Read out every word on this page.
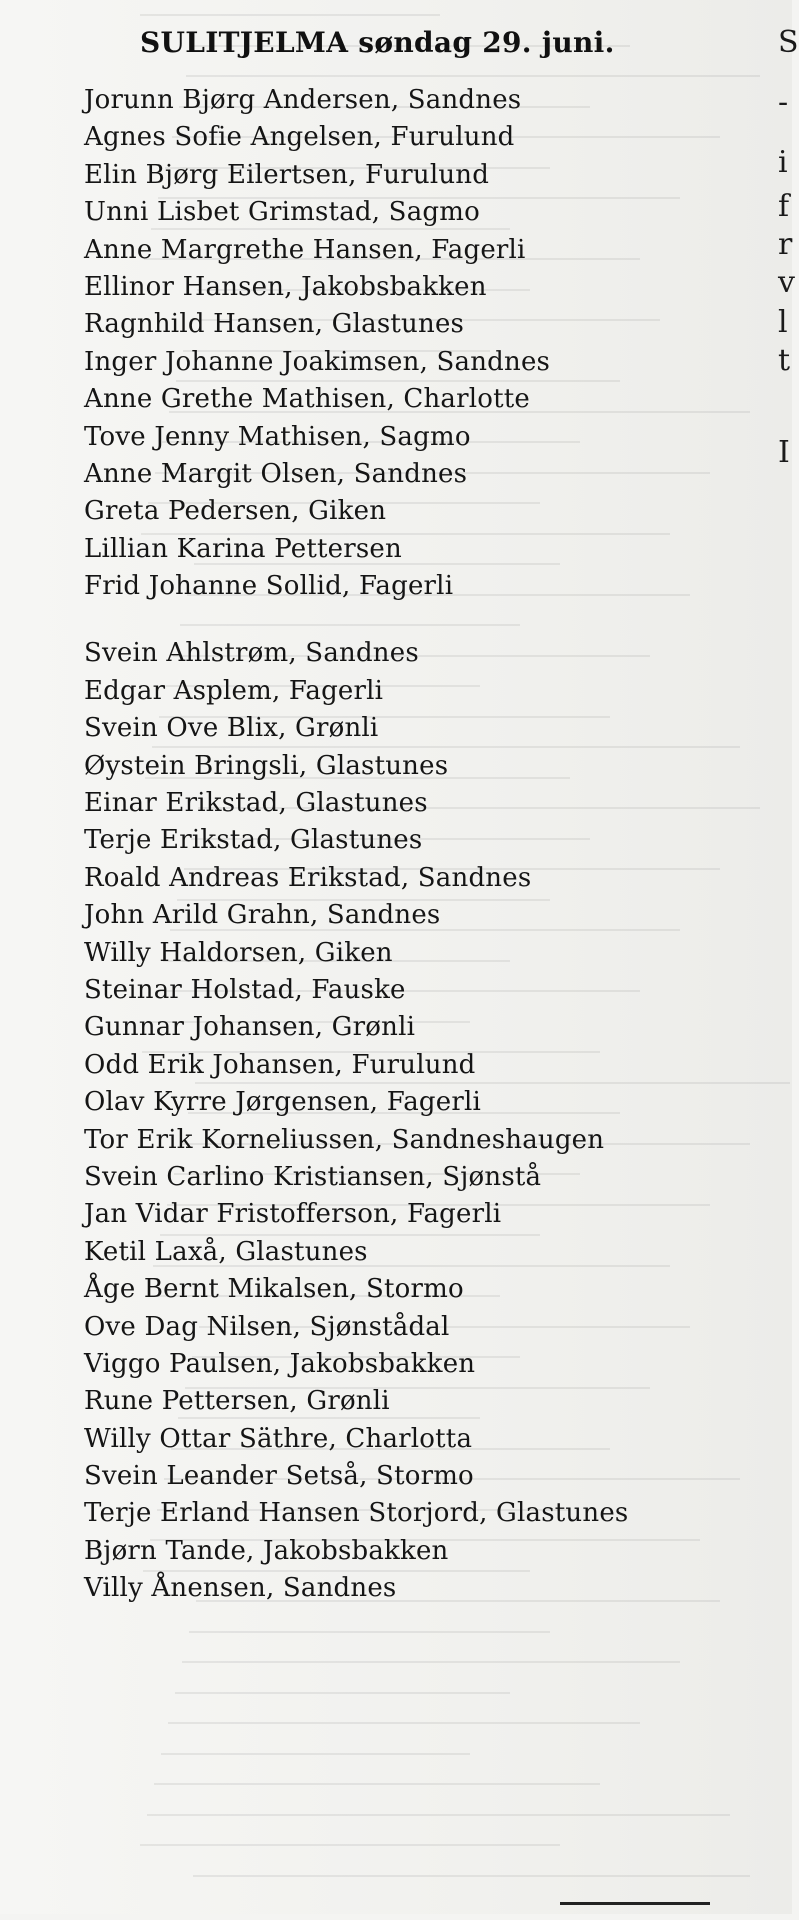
SULITJELMA søndag 29. juni.
Jorunn Bjørg Andersen, Sandnes
Agnes Sofie Angelsen, Furulund
Elin Bjørg Eilertsen, Furulund
Unni Lisbet Grimstad, Sagmo
Anne Margrethe Hansen, Fagerli
Ellinor Hansen, Jakobsbakken
Ragnhild Hansen, Glastunes
Inger Johanne Joakimsen, Sandnes
Anne Grethe Mathisen, Charlotte
Tove Jenny Mathisen, Sagmo
Anne Margit Olsen, Sandnes
Greta Pedersen, Giken
Lillian Karina Pettersen
Frid Johanne Sollid, Fagerli
Svein Ahlstrøm, Sandnes
Edgar Asplem, Fagerli
Svein Ove Blix, Grønli
Øystein Bringsli, Glastunes
Einar Erikstad, Glastunes
Terje Erikstad, Glastunes
Roald Andreas Erikstad, Sandnes
John Arild Grahn, Sandnes
Willy Haldorsen, Giken
Steinar Holstad, Fauske
Gunnar Johansen, Grønli
Odd Erik Johansen, Furulund
Olav Kyrre Jørgensen, Fagerli
Tor Erik Korneliussen, Sandneshaugen
Svein Carlino Kristiansen, Sjønstå
Jan Vidar Fristofferson, Fagerli
Ketil Laxå, Glastunes
Åge Bernt Mikalsen, Stormo
Ove Dag Nilsen, Sjønstådal
Viggo Paulsen, Jakobsbakken
Rune Pettersen, Grønli
Willy Ottar Säthre, Charlotta
Svein Leander Setså, Stormo
Terje Erland Hansen Storjord, Glastunes
Bjørn Tande, Jakobsbakken
Villy Ånensen, Sandnes
S
-
i
f
r
v
l
t
I
